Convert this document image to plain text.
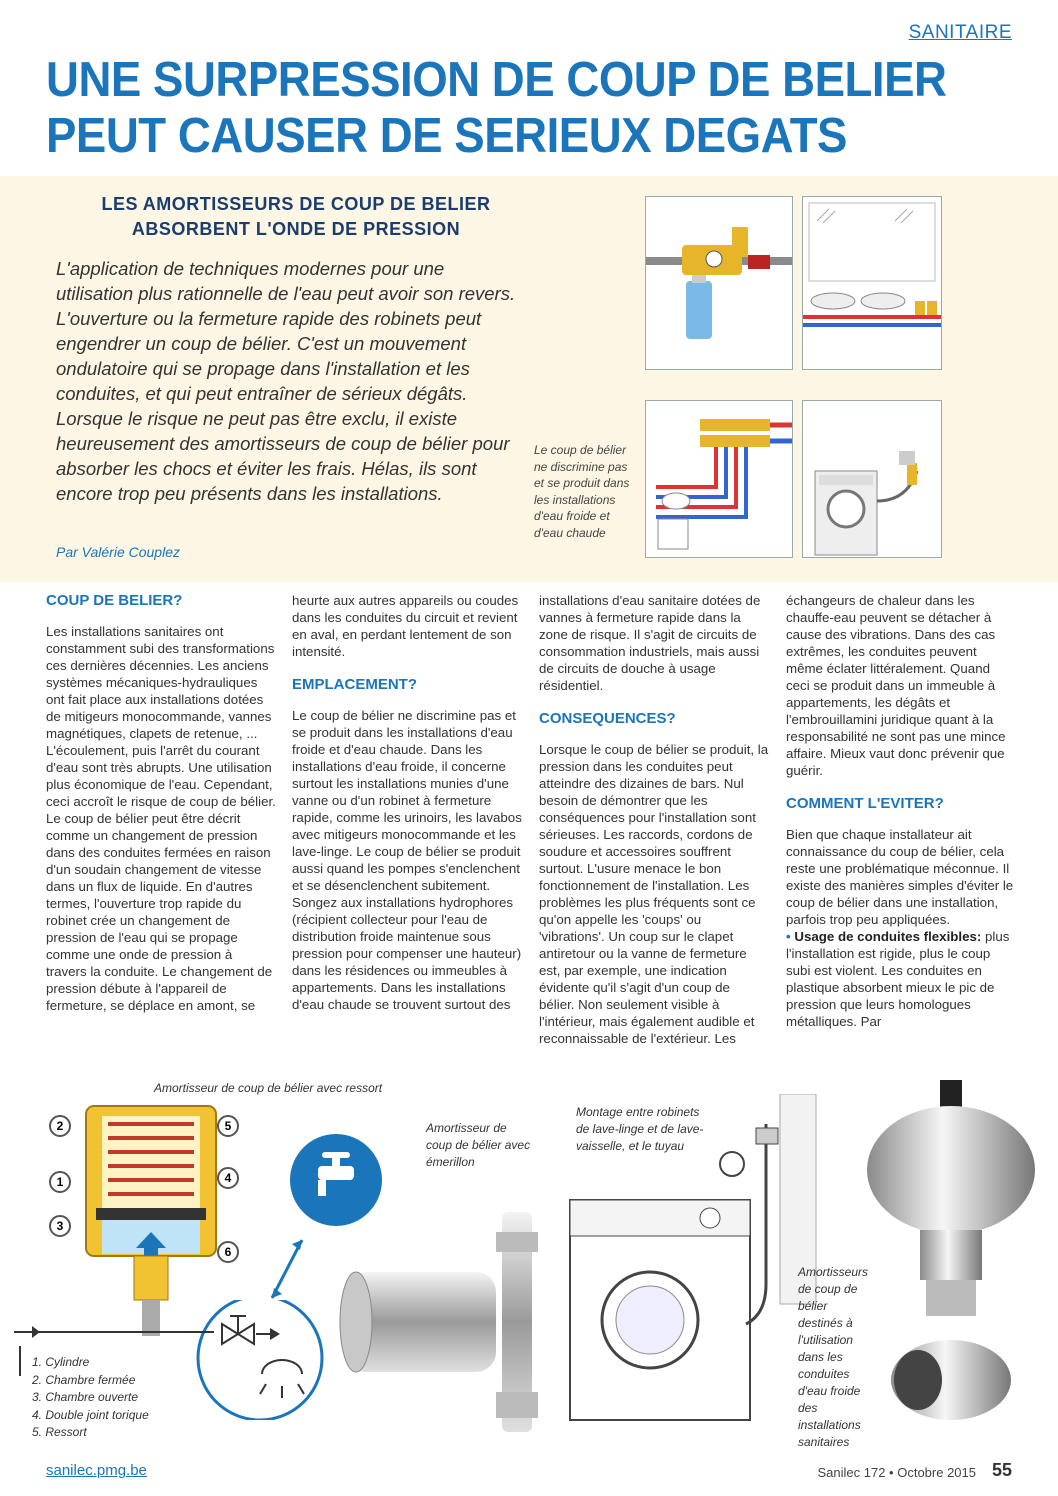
SANITAIRE
UNE SURPRESSION DE COUP DE BELIER
PEUT CAUSER DE SERIEUX DEGATS
LES AMORTISSEURS DE COUP DE BELIER
ABSORBENT L'ONDE DE PRESSION
L'application de techniques modernes pour une utilisation plus rationnelle de l'eau peut avoir son revers. L'ouverture ou la fermeture rapide des robinets peut engendrer un coup de bélier. C'est un mouvement ondulatoire qui se propage dans l'installation et les conduites, et qui peut entraîner de sérieux dégâts. Lorsque le risque ne peut pas être exclu, il existe heureusement des amortisseurs de coup de bélier pour absorber les chocs et éviter les frais. Hélas, ils sont encore trop peu présents dans les installations.
Par Valérie Couplez
Le coup de bélier ne discrimine pas et se produit dans les installations d'eau froide et d'eau chaude
COUP DE BELIER?

Les installations sanitaires ont constamment subi des transformations ces dernières décennies. Les anciens systèmes mécaniques-hydrauliques ont fait place aux installations dotées de mitigeurs monocommande, vannes magnétiques, clapets de retenue, ... L'écoulement, puis l'arrêt du courant d'eau sont très abrupts. Une utilisation plus économique de l'eau. Cependant, ceci accroît le risque de coup de bélier. Le coup de bélier peut être décrit comme un changement de pression dans des conduites fermées en raison d'un soudain changement de vitesse dans un flux de liquide. En d'autres termes, l'ouverture trop rapide du robinet crée un changement de pression de l'eau qui se propage comme une onde de pression à travers la conduite. Le changement de pression débute à l'appareil de fermeture, se déplace en amont, se

heurte aux autres appareils ou coudes dans les conduites du circuit et revient en aval, en perdant lentement de son intensité.

EMPLACEMENT?

Le coup de bélier ne discrimine pas et se produit dans les installations d'eau froide et d'eau chaude. Dans les installations d'eau froide, il concerne surtout les installations munies d'une vanne ou d'un robinet à fermeture rapide, comme les urinoirs, les lavabos avec mitigeurs monocommande et les lave-linge. Le coup de bélier se produit aussi quand les pompes s'enclenchent et se désenclenchent subitement. Songez aux installations hydrophores (récipient collecteur pour l'eau de distribution froide maintenue sous pression pour compenser une hauteur) dans les résidences ou immeubles à appartements. Dans les installations d'eau chaude se trouvent surtout des

installations d'eau sanitaire dotées de vannes à fermeture rapide dans la zone de risque. Il s'agit de circuits de consommation industriels, mais aussi de circuits de douche à usage résidentiel.

CONSEQUENCES?

Lorsque le coup de bélier se produit, la pression dans les conduites peut atteindre des dizaines de bars. Nul besoin de démontrer que les conséquences pour l'installation sont sérieuses. Les raccords, cordons de soudure et accessoires souffrent surtout. L'usure menace le bon fonctionnement de l'installation. Les problèmes les plus fréquents sont ce qu'on appelle les 'coups' ou 'vibrations'. Un coup sur le clapet antiretour ou la vanne de fermeture est, par exemple, une indication évidente qu'il s'agit d'un coup de bélier. Non seulement visible à l'intérieur, mais également audible et reconnaissable de l'extérieur. Les

échangeurs de chaleur dans les chauffe-eau peuvent se détacher à cause des vibrations. Dans des cas extrêmes, les conduites peuvent même éclater littéralement. Quand ceci se produit dans un immeuble à appartements, les dégâts et l'embrouillamini juridique quant à la responsabilité ne sont pas une mince affaire. Mieux vaut donc prévenir que guérir.

COMMENT L'EVITER?

Bien que chaque installateur ait connaissance du coup de bélier, cela reste une problématique méconnue. Il existe des manières simples d'éviter le coup de bélier dans une installation, parfois trop peu appliquées.

• Usage de conduites flexibles: plus l'installation est rigide, plus le coup subi est violent. Les conduites en plastique absorbent mieux le pic de pression que leurs homologues métalliques. Par

Amortisseur de coup de bélier avec ressort
1
2
3
4
5
6
1. Cylindre
2. Chambre fermée
3. Chambre ouverte
4. Double joint torique
5. Ressort
Amortisseur de coup de bélier avec émerillon
Montage entre robinets de lave-linge et de lave-vaisselle, et le tuyau
Amortisseurs de coup de bélier destinés à l'utilisation dans les conduites d'eau froide des installations sanitaires
sanilec.pmg.be	Sanilec 172 • Octobre 2015 55
